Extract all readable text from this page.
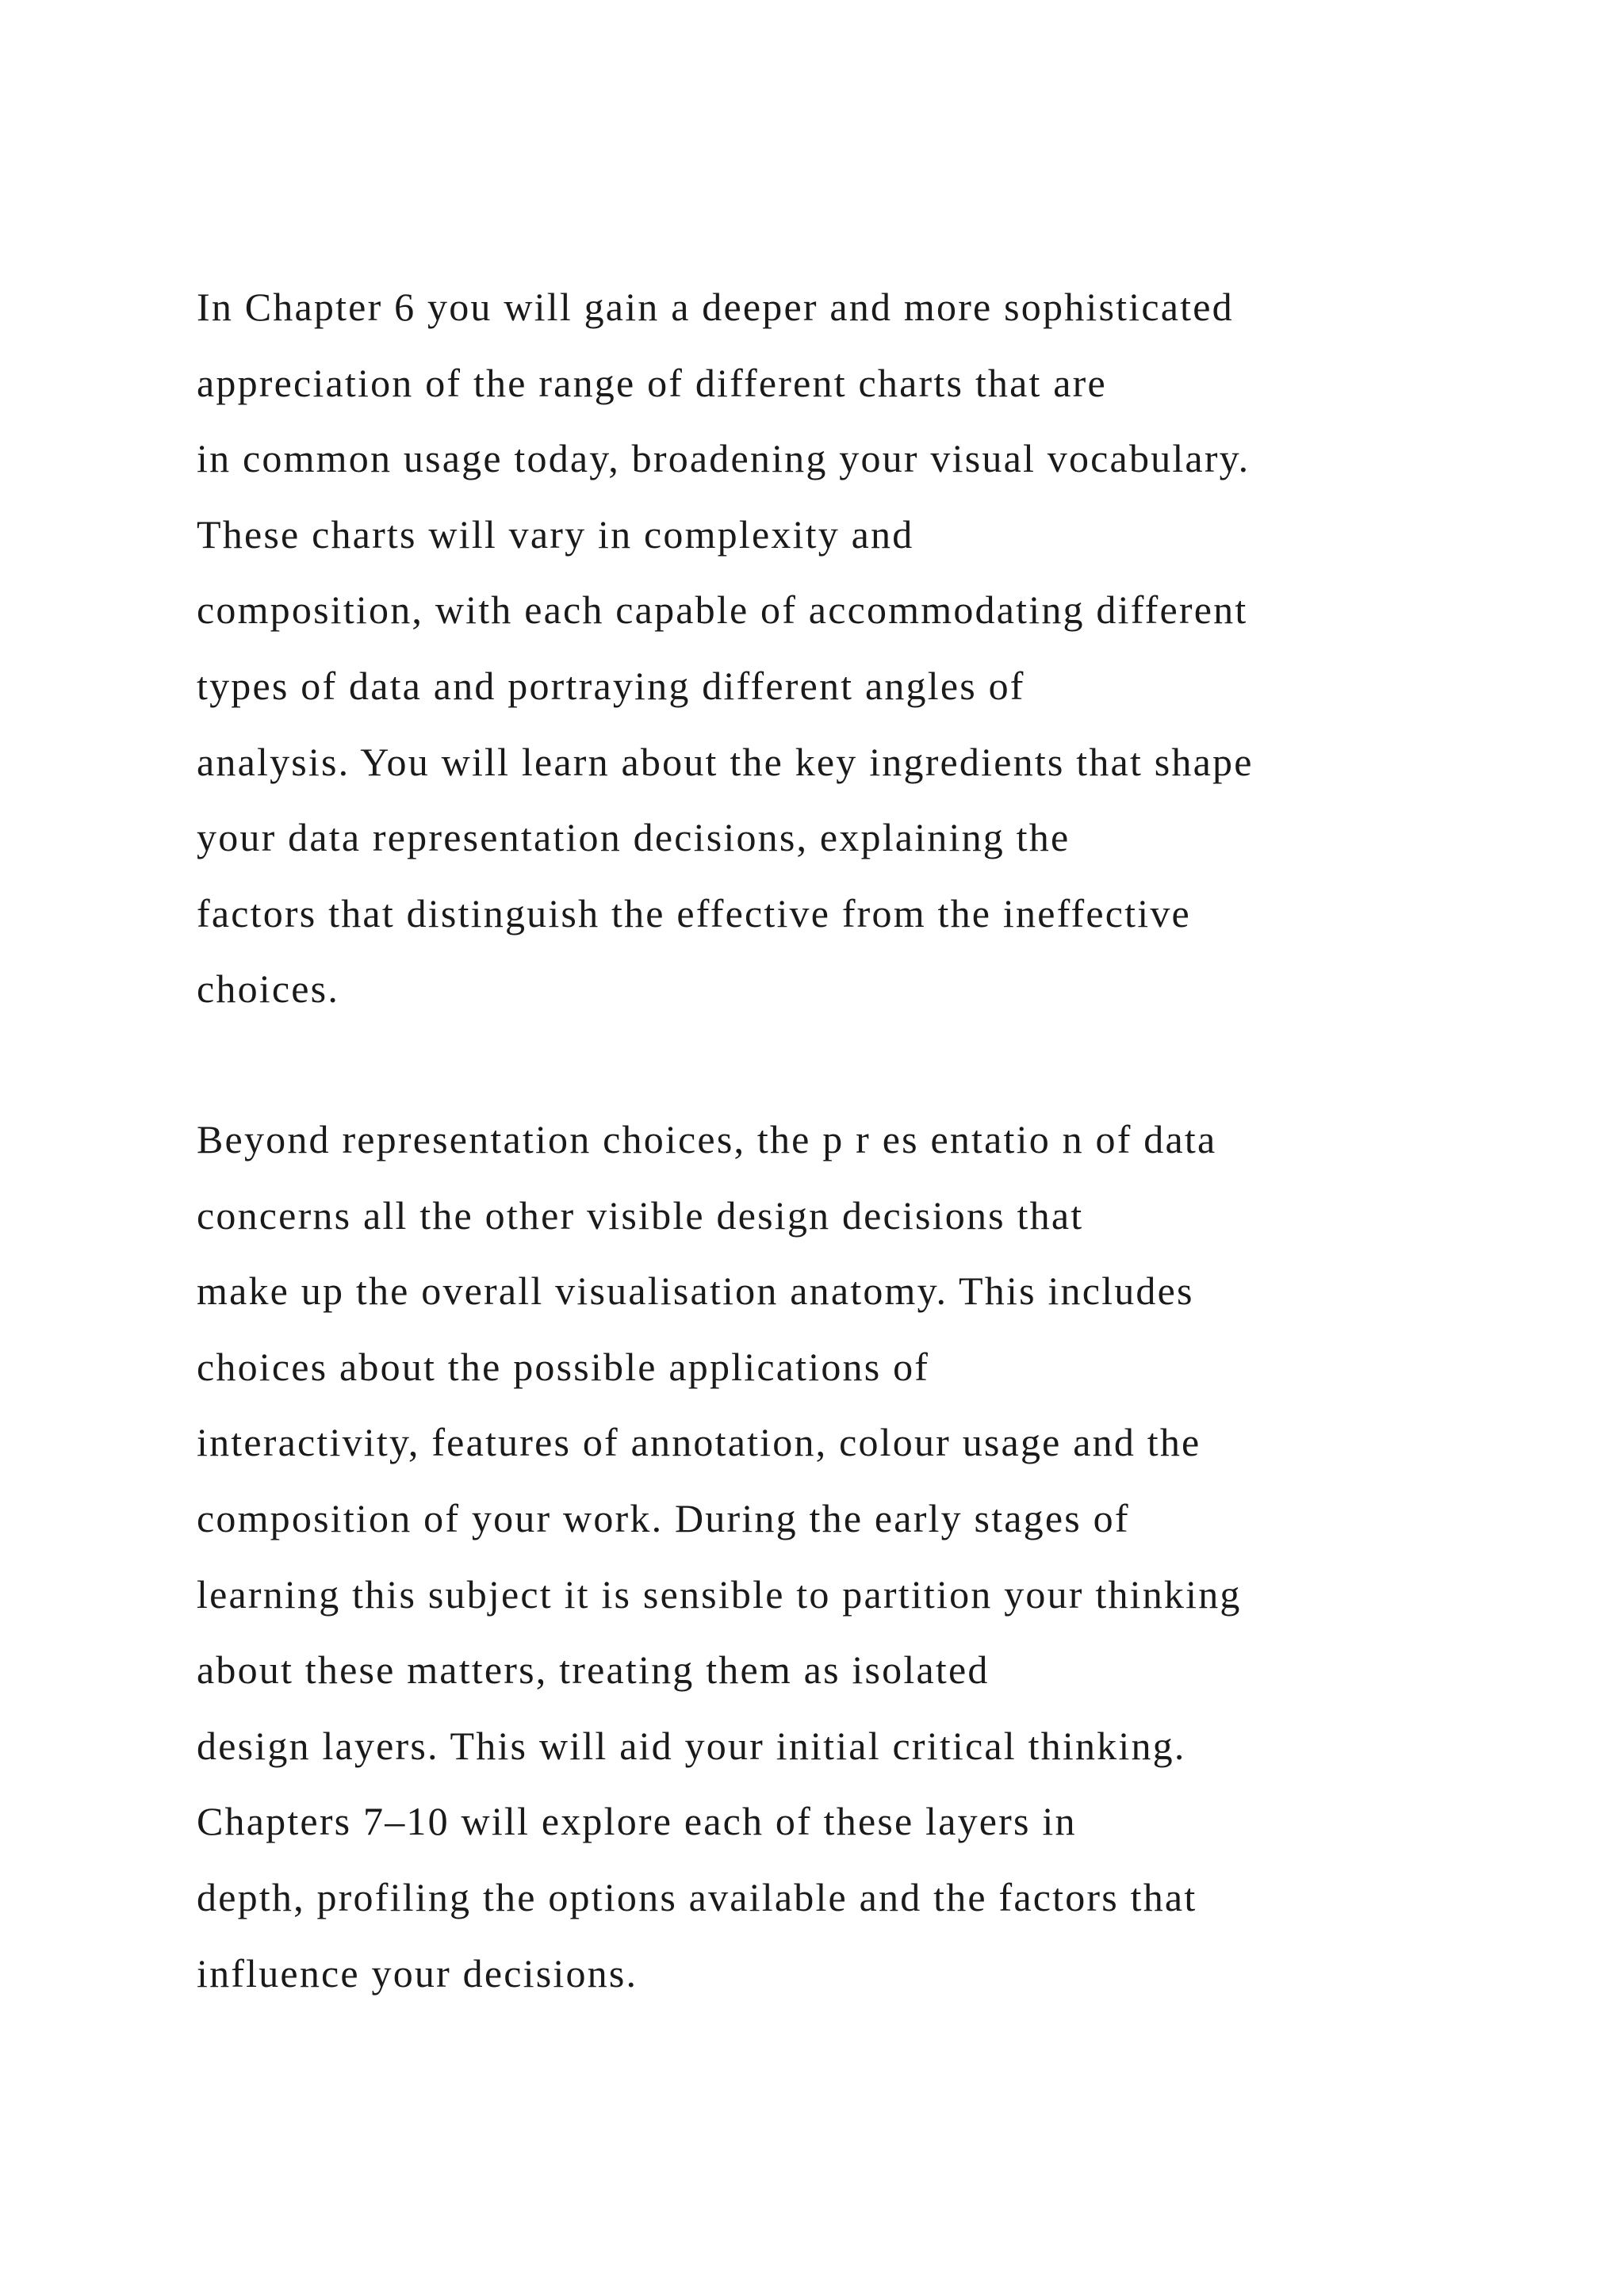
In Chapter 6 you will gain a deeper and more sophisticated
appreciation of the range of different charts that are
in common usage today, broadening your visual vocabulary.
These charts will vary in complexity and
composition, with each capable of accommodating different
types of data and portraying different angles of
analysis. You will learn about the key ingredients that shape
your data representation decisions, explaining the
factors that distinguish the effective from the ineffective
choices.
Beyond representation choices, the p r es entatio n of data
concerns all the other visible design decisions that
make up the overall visualisation anatomy. This includes
choices about the possible applications of
interactivity, features of annotation, colour usage and the
composition of your work. During the early stages of
learning this subject it is sensible to partition your thinking
about these matters, treating them as isolated
design layers. This will aid your initial critical thinking.
Chapters 7–10 will explore each of these layers in
depth, profiling the options available and the factors that
influence your decisions.
